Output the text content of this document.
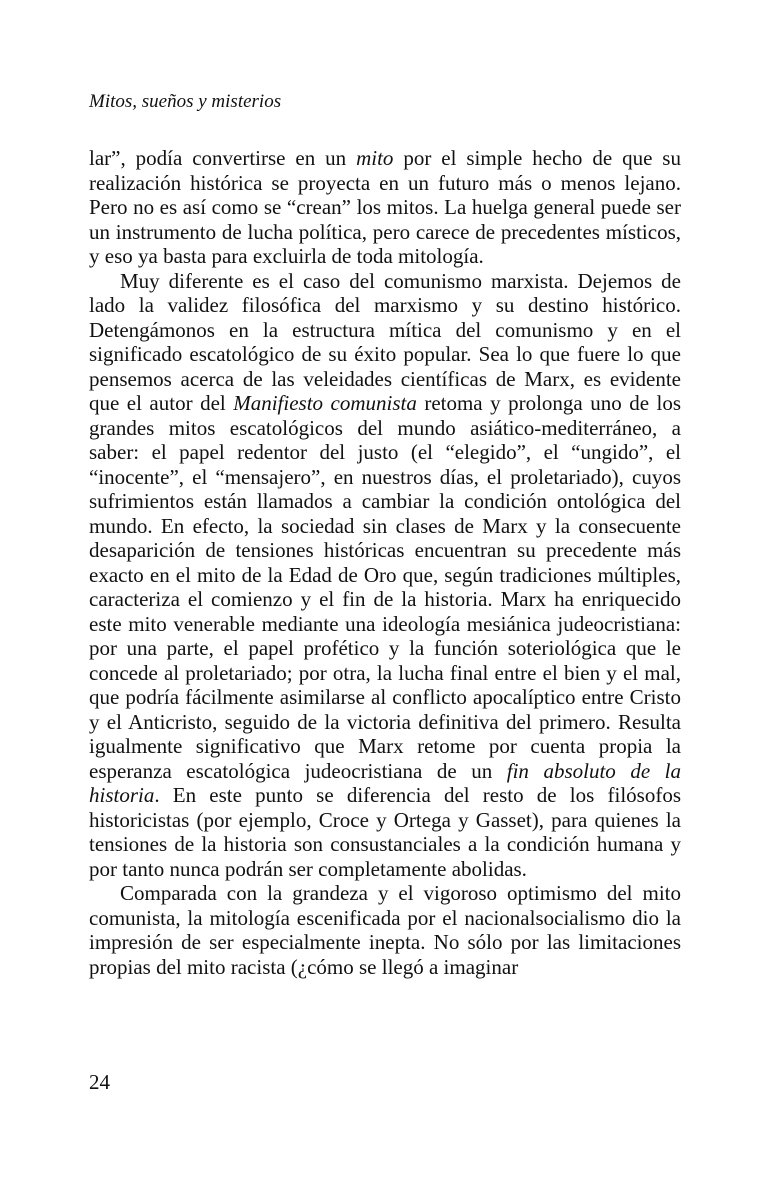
Mitos, sueños y misterios

lar”, podía convertirse en un mito por el simple hecho de que su realización histórica se proyecta en un futuro más o menos lejano. Pero no es así como se “crean” los mitos. La huelga general puede ser un instrumento de lucha política, pero carece de precedentes místicos, y eso ya basta para excluirla de toda mitología.

Muy diferente es el caso del comunismo marxista. Dejemos de lado la validez filosófica del marxismo y su destino histórico. Detengámonos en la estructura mítica del comunismo y en el significado escatológico de su éxito popular. Sea lo que fuere lo que pensemos acerca de las veleidades científicas de Marx, es evidente que el autor del Manifiesto comunista retoma y prolonga uno de los grandes mitos escatológicos del mundo asiático-mediterráneo, a saber: el papel redentor del justo (el “elegido”, el “ungido”, el “inocente”, el “mensajero”, en nuestros días, el proletariado), cuyos sufrimientos están llamados a cambiar la condición ontológica del mundo. En efecto, la sociedad sin clases de Marx y la consecuente desaparición de tensiones históricas encuentran su precedente más exacto en el mito de la Edad de Oro que, según tradiciones múltiples, caracteriza el comienzo y el fin de la historia. Marx ha enriquecido este mito venerable mediante una ideología mesiánica judeocristiana: por una parte, el papel profético y la función soteriológica que le concede al proletariado; por otra, la lucha final entre el bien y el mal, que podría fácilmente asimilarse al conflicto apocalíptico entre Cristo y el Anticristo, seguido de la victoria definitiva del primero. Resulta igualmente significativo que Marx retome por cuenta propia la esperanza escatológica judeocristiana de un fin absoluto de la historia. En este punto se diferencia del resto de los filósofos historicistas (por ejemplo, Croce y Ortega y Gasset), para quienes la tensiones de la historia son consustanciales a la condición humana y por tanto nunca podrán ser completamente abolidas.

Comparada con la grandeza y el vigoroso optimismo del mito comunista, la mitología escenificada por el nacionalsocialismo dio la impresión de ser especialmente inepta. No sólo por las limitaciones propias del mito racista (¿cómo se llegó a imaginar

24
